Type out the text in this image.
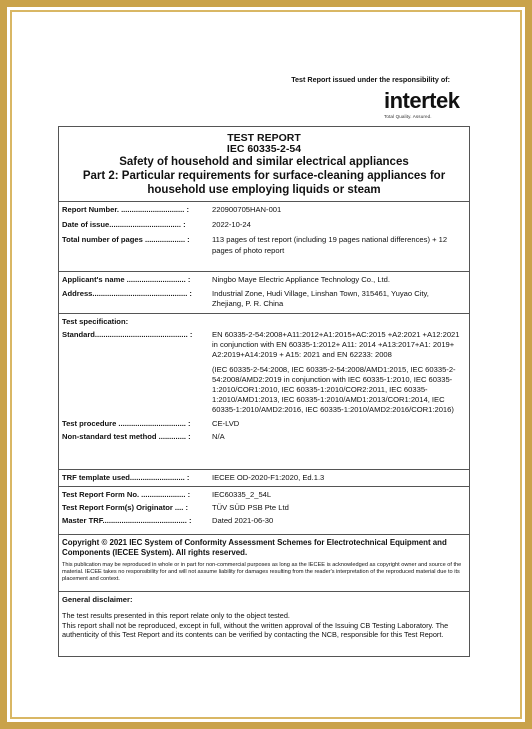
Test Report issued under the responsibility of:
intertek
Total Quality. Assured.
TEST REPORT
IEC 60335-2-54
Safety of household and similar electrical appliances
Part 2: Particular requirements for surface-cleaning appliances for
household use employing liquids or steam
Report Number. .............................. :	220900705HAN-001
Date of issue.................................. :	2022-10-24
Total number of pages ................... :	113 pages of test report (including 19 pages national differences) + 12 pages of photo report
Applicant's name ............................ :	Ningbo Maye Electric Appliance Technology Co., Ltd.
Address............................................. :	Industrial Zone, Hudi Village, Linshan Town, 315461, Yuyao City, Zhejiang, P. R. China
Test specification:
Standard............................................ :	EN 60335-2-54:2008+A11:2012+A1:2015+AC:2015 +A2:2021 +A12:2021 in conjunction with EN 60335-1:2012+ A11: 2014 +A13:2017+A1: 2019+ A2:2019+A14:2019 + A15: 2021 and EN 62233: 2008
(IEC 60335-2-54:2008, IEC 60335-2-54:2008/AMD1:2015, IEC 60335-2-54:2008/AMD2:2019 in conjunction with IEC 60335-1:2010, IEC 60335-1:2010/COR1:2010, IEC 60335-1:2010/COR2:2011, IEC 60335-1:2010/AMD1:2013, IEC 60335-1:2010/AMD1:2013/COR1:2014, IEC 60335-1:2010/AMD2:2016, IEC 60335-1:2010/AMD2:2016/COR1:2016)
Test procedure ................................ :	CE-LVD
Non-standard test method ............. :	N/A
TRF template used.......................... :	IECEE OD-2020-F1:2020, Ed.1.3
Test Report Form No. ..................... :	IEC60335_2_54L
Test Report Form(s) Originator .... :	TÜV SÜD PSB Pte Ltd
Master TRF........................................ :	Dated 2021-06-30
Copyright © 2021 IEC System of Conformity Assessment Schemes for Electrotechnical Equipment and Components (IECEE System). All rights reserved.
This publication may be reproduced in whole or in part for non-commercial purposes as long as the IECEE is acknowledged as copyright owner and source of the material. IECEE takes no responsibility for and will not assume liability for damages resulting from the reader's interpretation of the reproduced material due to its placement and context.
General disclaimer:
The test results presented in this report relate only to the object tested.
This report shall not be reproduced, except in full, without the written approval of the Issuing CB Testing Laboratory. The authenticity of this Test Report and its contents can be verified by contacting the NCB, responsible for this Test Report.
